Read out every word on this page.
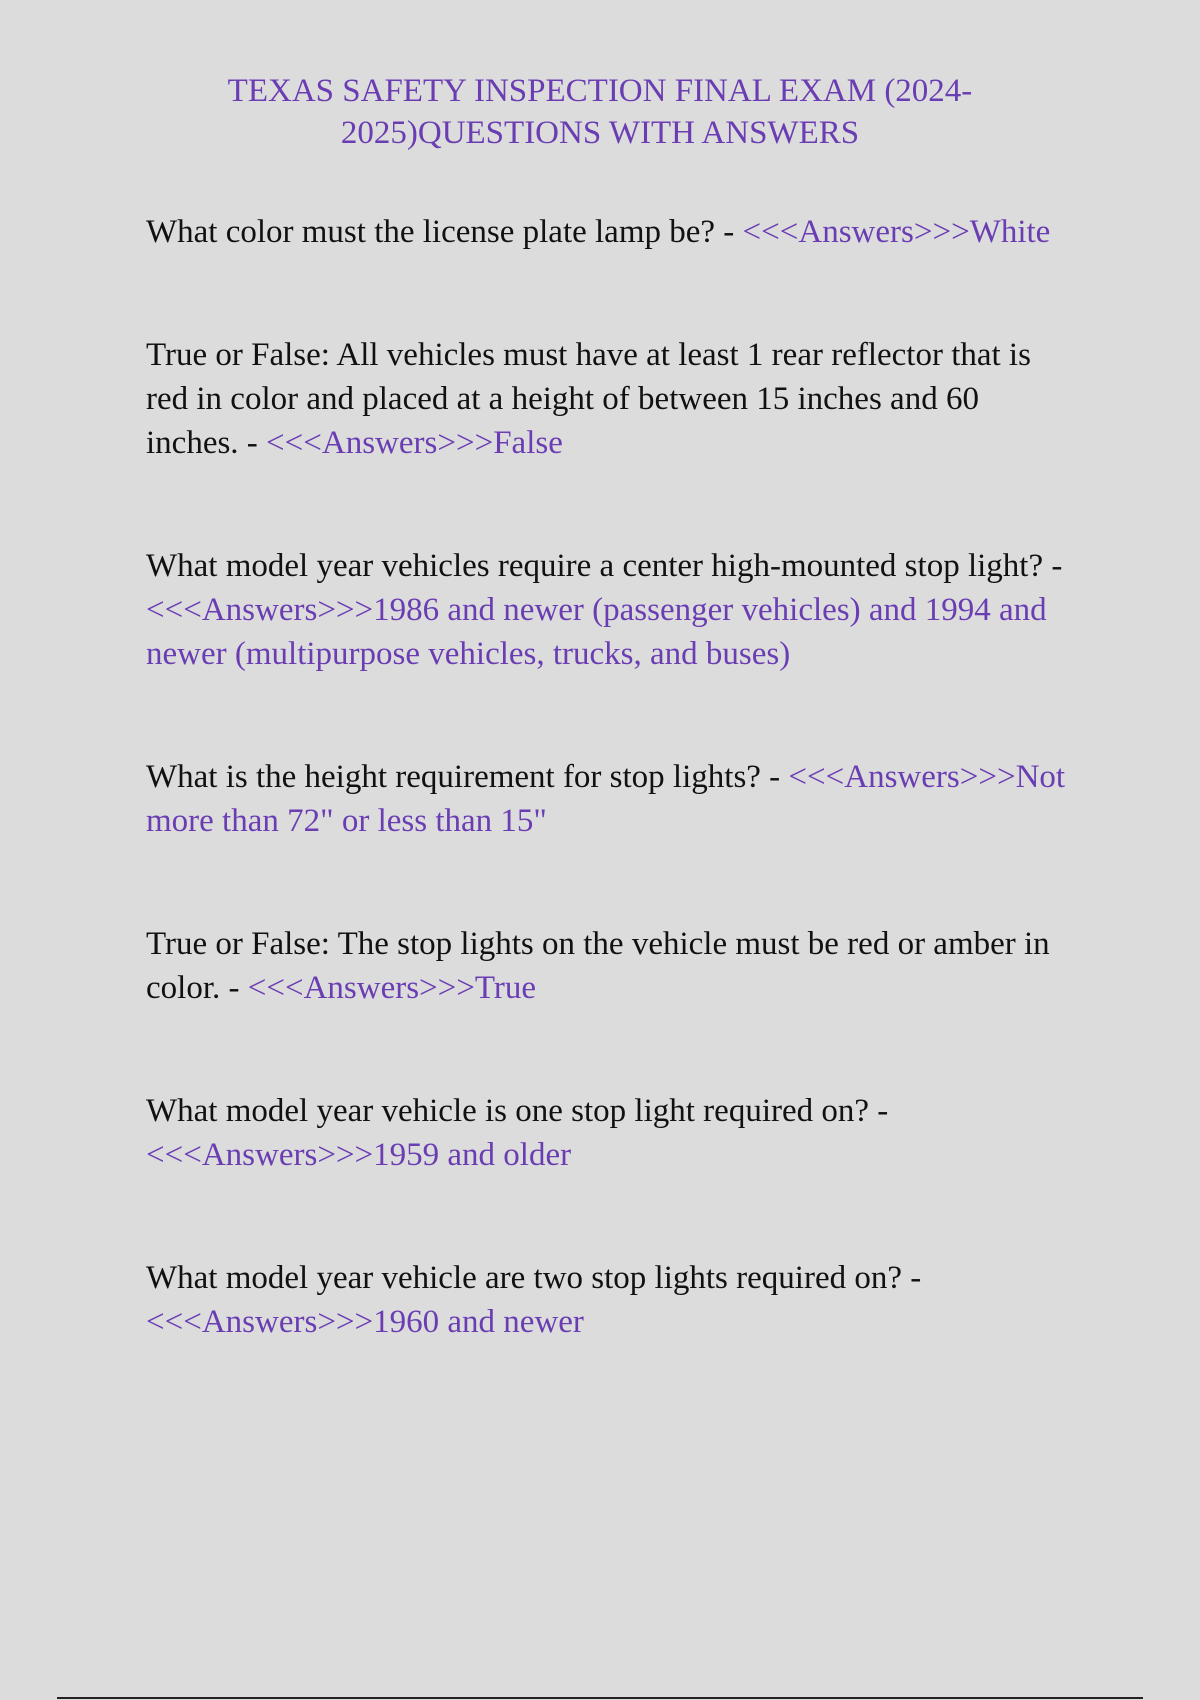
TEXAS SAFETY INSPECTION FINAL EXAM (2024-2025)QUESTIONS WITH ANSWERS

What color must the license plate lamp be? - <<<Answers>>>White

True or False: All vehicles must have at least 1 rear reflector that is red in color and placed at a height of between 15 inches and 60 inches. - <<<Answers>>>False

What model year vehicles require a center high-mounted stop light? - <<<Answers>>>1986 and newer (passenger vehicles) and 1994 and newer (multipurpose vehicles, trucks, and buses)

What is the height requirement for stop lights? - <<<Answers>>>Not more than 72" or less than 15"

True or False: The stop lights on the vehicle must be red or amber in color. - <<<Answers>>>True

What model year vehicle is one stop light required on? - <<<Answers>>>1959 and older

What model year vehicle are two stop lights required on? - <<<Answers>>>1960 and newer
